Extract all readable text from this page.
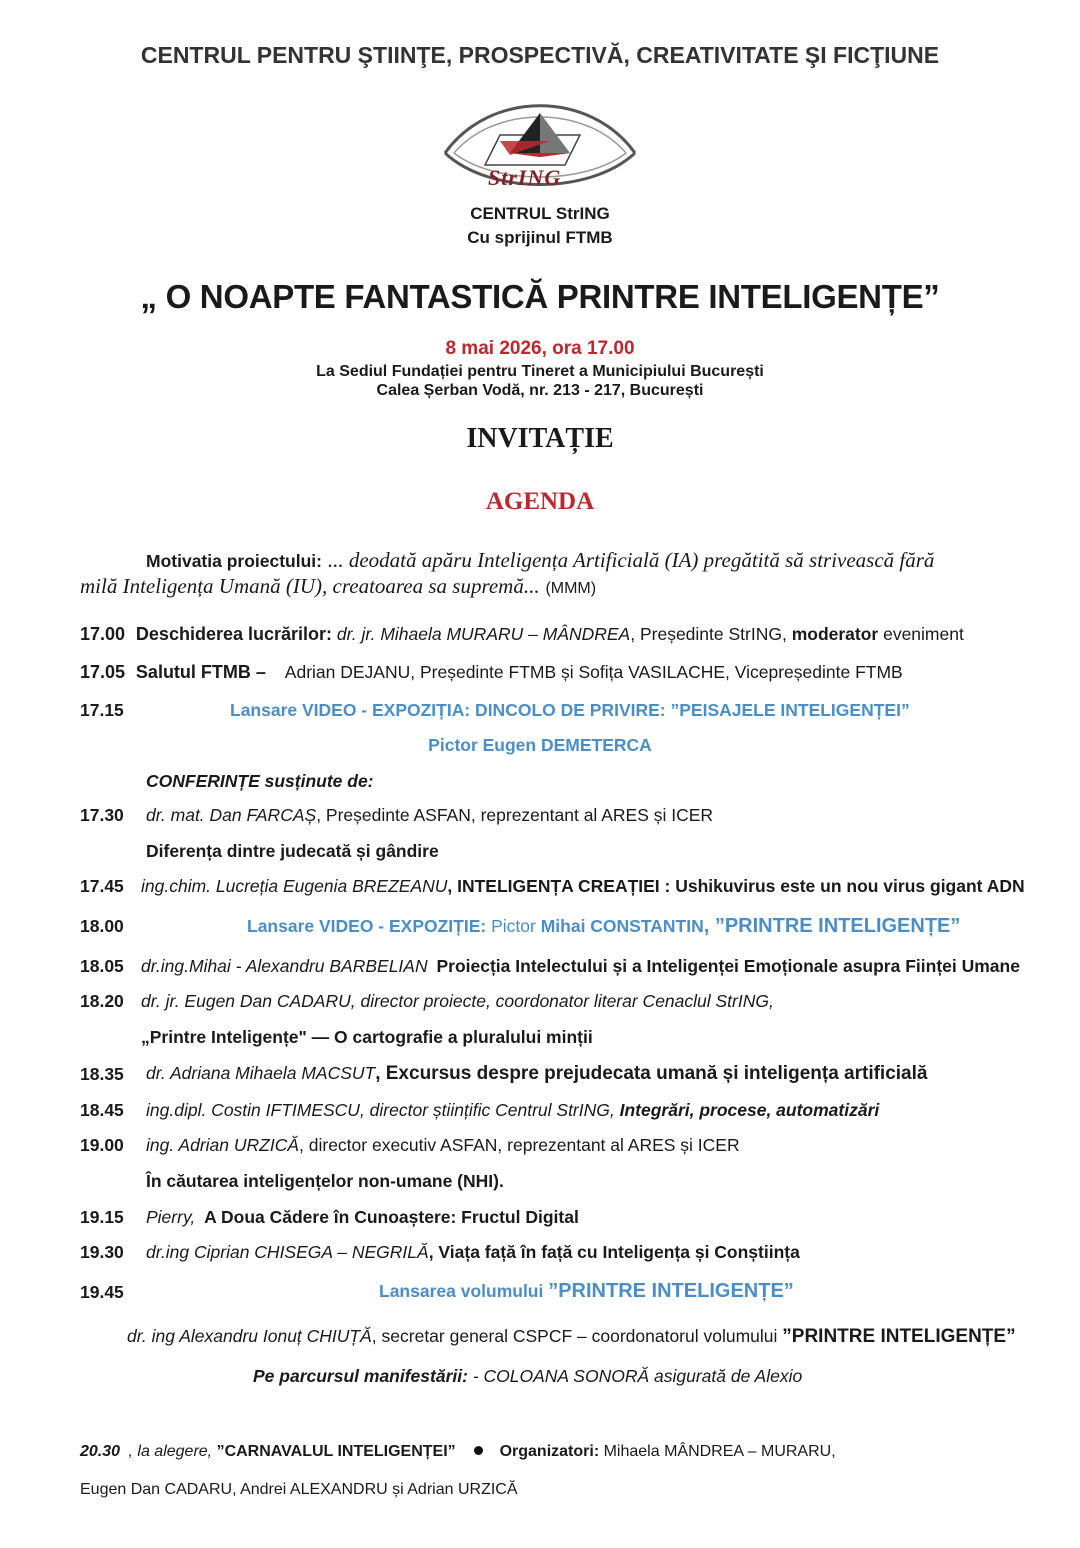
CENTRUL PENTRU ŞTIINŢE, PROSPECTIVĂ, CREATIVITATE ŞI FICŢIUNE
StrING
CENTRUL StrING
Cu sprijinul FTMB
„ O NOAPTE FANTASTICĂ PRINTRE INTELIGENȚE”
8 mai 2026, ora 17.00
La Sediul Fundației pentru Tineret a Municipiului București
Calea Șerban Vodă, nr. 213 - 217, București
INVITAȚIE
AGENDA
Motivatia proiectului: ... deodată apăru Inteligența Artificială (IA) pregătită să strivească fără
milă Inteligența Umană (IU), creatoarea sa supremă... (MMM)
17.00 Deschiderea lucrărilor: dr. jr. Mihaela MURARU – MÂNDREA, Președinte StrING, moderator eveniment
17.05 Salutul FTMB – Adrian DEJANU, Președinte FTMB și Sofița VASILACHE, Vicepreședinte FTMB
17.15	Lansare VIDEO - EXPOZIȚIA: DINCOLO DE PRIVIRE: ”PEISAJELE INTELIGENȚEI”
Pictor Eugen DEMETERCA
CONFERINȚE susținute de:
17.30 dr. mat. Dan FARCAȘ, Președinte ASFAN, reprezentant al ARES și ICER
Diferența dintre judecată și gândire
17.45 ing.chim. Lucreția Eugenia BREZEANU, INTELIGENȚA CREAȚIEI : Ushikuvirus este un nou virus gigant ADN
18.00	Lansare VIDEO - EXPOZIȚIE: Pictor Mihai CONSTANTIN, ”PRINTRE INTELIGENȚE”
18.05 dr.ing.Mihai - Alexandru BARBELIAN Proiecția Intelectului și a Inteligenței Emoționale asupra Ființei Umane
18.20 dr. jr. Eugen Dan CADARU, director proiecte, coordonator literar Cenaclul StrING,
„Printre Inteligențe" — O cartografie a pluralului minții
18.35 dr. Adriana Mihaela MACSUT, Excursus despre prejudecata umană și inteligența artificială
18.45 ing.dipl. Costin IFTIMESCU, director științific Centrul StrING, Integrări, procese, automatizări
19.00 ing. Adrian URZICĂ, director executiv ASFAN, reprezentant al ARES și ICER
În căutarea inteligențelor non-umane (NHI).
19.15 Pierry, A Doua Cădere în Cunoaștere: Fructul Digital
19.30 dr.ing Ciprian CHISEGA – NEGRILĂ, Viața față în față cu Inteligența și Conștiința
19.45	Lansarea volumului ”PRINTRE INTELIGENȚE”
dr. ing Alexandru Ionuț CHIUȚĂ, secretar general CSPCF – coordonatorul volumului ”PRINTRE INTELIGENȚE”
Pe parcursul manifestării: - COLOANA SONORĂ asigurată de Alexio
20.30 , la alegere, ”CARNAVALUL INTELIGENȚEI”	Organizatori: Mihaela MÂNDREA – MURARU,
Eugen Dan CADARU, Andrei ALEXANDRU și Adrian URZICĂ
